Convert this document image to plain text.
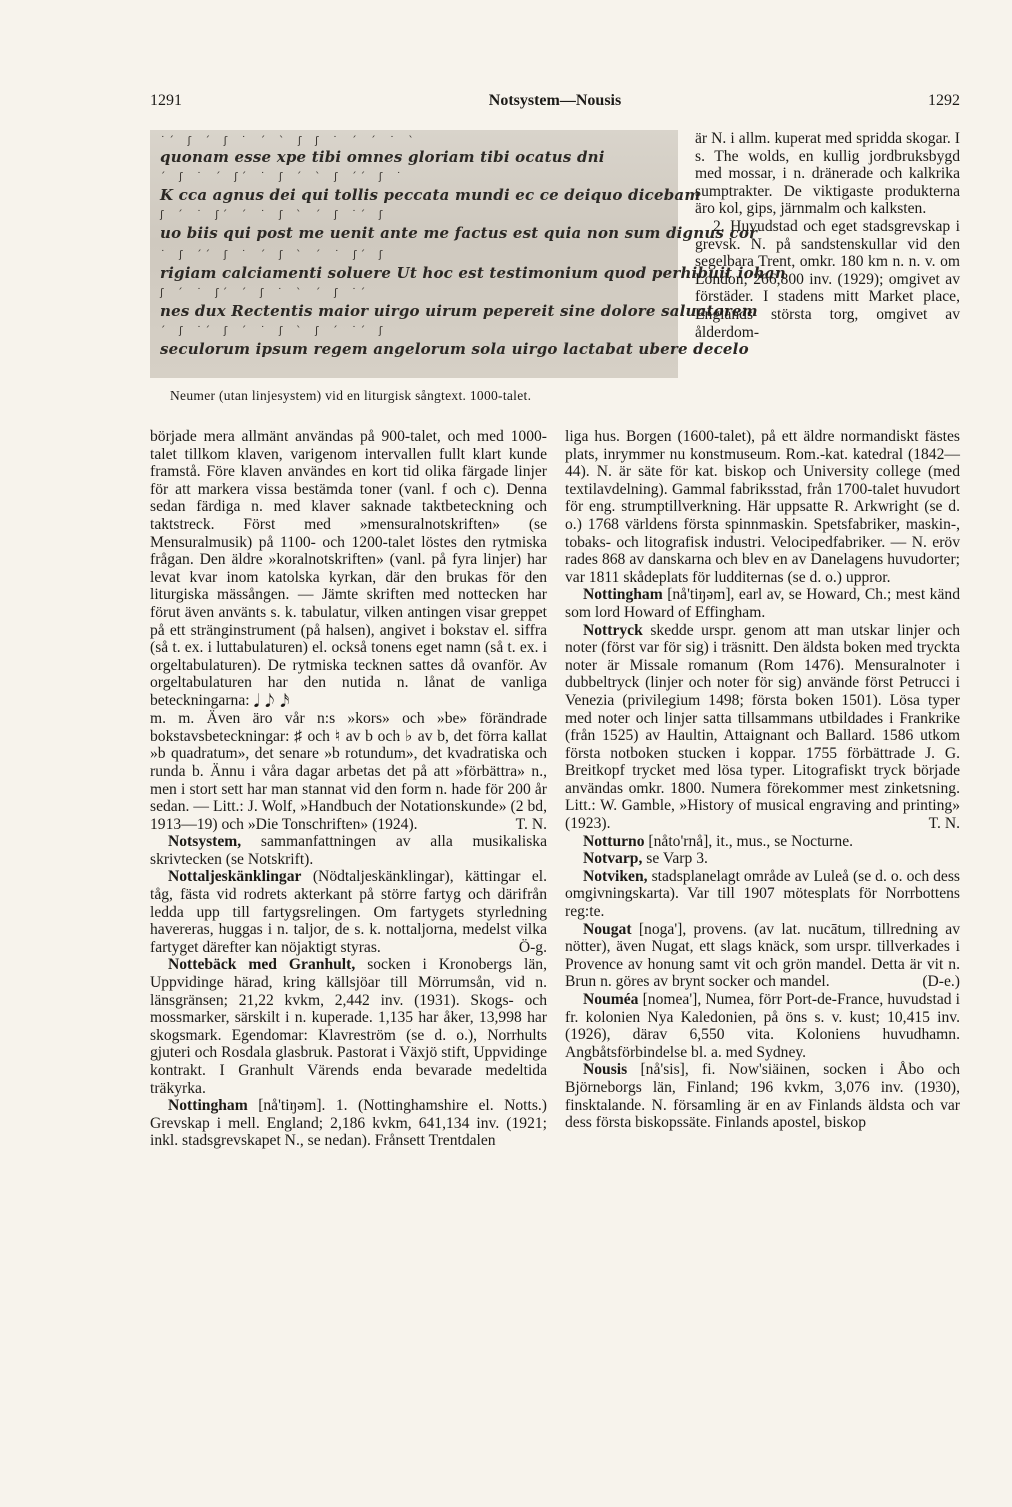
1291	Notsystem—Nousis	1292
˙ ́ ʃ ´ ʃ ˙ ´ ˋ ʃ ʃ ˙ ´ ´ ˙ ˋ
quonam esse xpe tibi omnes gloriam tibi ocatus dni
´ ʃ ˙ ´ ʃ ́ ˙ ʃ ´ ˋ ʃ ´ ́ ʃ ˙
K cca agnus dei qui tollis peccata mundi ec ce deiquo dicebam
ʃ ´ ˙ ʃ ́ ´ ˙ ʃ ˋ ´ ʃ ˙ ́ ʃ
uo biis qui post me uenit ante me factus est quia non sum dignus cor
˙ ʃ ´ ́ ʃ ˙ ´ ʃ ˋ ´ ˙ ʃ ́ ʃ
rigiam calciamenti soluere Ut hoc est testimonium quod perhibuit iohan
ʃ ´ ˙ ʃ ́ ´ ʃ ˙ ˋ ´ ʃ ˙ ́
nes dux Rectentis maior uirgo uirum pepereit sine dolore saluatorem
´ ʃ ˙ ́ ʃ ´ ˙ ʃ ˋ ʃ ´ ˙ ́ ʃ
seculorum ipsum regem angelorum sola uirgo lactabat ubere decelo
Neumer (utan linjesystem) vid en liturgisk sångtext. 1000-talet.

är N. i allm. kuperat med spridda skogar. I s. The wolds, en kullig jordbruksbygd med mossar, i n. dränerade och kalkrika sumptrakter. De viktigaste produkterna äro kol, gips, järnmalm och kalksten.

2. Huvudstad och eget stadsgrevskap i grevsk. N. på sandstenskullar vid den segelbara Trent, omkr. 180 km n. n. v. om London; 266,800 inv. (1929); omgivet av förstäder. I stadens mitt Market place, Englands största torg, omgivet av ålderdom-

började mera allmänt användas på 900-talet, och med 1000-talet tillkom klaven, varigenom intervallen fullt klart kunde framstå. Före klaven användes en kort tid olika färgade linjer för att markera vissa bestämda toner (vanl. f och c). Denna sedan färdiga n. med klaver saknade taktbeteckning och taktstreck. Först med »mensuralnotskriften» (se Mensuralmusik) på 1100- och 1200-talet löstes den rytmiska frågan. Den äldre »koralnotskriften» (vanl. på fyra linjer) har levat kvar inom katolska kyrkan, där den brukas för den liturgiska mässången. — Jämte skriften med nottecken har förut även använts s. k. tabulatur, vilken antingen visar greppet på ett stränginstrument (på halsen), angivet i bokstav el. siffra (så t. ex. i luttabulaturen) el. också tonens eget namn (så t. ex. i orgeltabulaturen). De rytmiska tecknen sattes då ovanför. Av orgeltabulaturen har den nutida n. lånat de vanliga beteckningarna: 𝅘𝅥 𝅘𝅥𝅮 𝅘𝅥𝅯

m. m. Även äro vår n:s »kors» och »be» förändrade bokstavsbeteckningar: ♯ och ♮ av b och ♭ av b, det förra kallat »b quadratum», det senare »b rotundum», det kvadratiska och runda b. Ännu i våra dagar arbetas det på att »förbättra» n., men i stort sett har man stannat vid den form n. hade för 200 år sedan. — Litt.: J. Wolf, »Handbuch der Notationskunde» (2 bd, 1913—19) och »Die Tonschriften» (1924).	T. N.

Notsystem, sammanfattningen av alla musikaliska skrivtecken (se Notskrift).

Nottaljeskänklingar (Nödtaljeskänklingar), kättingar el. tåg, fästa vid rodrets akterkant på större fartyg och därifrån ledda upp till fartygsrelingen. Om fartygets styrledning havereras, huggas i n. taljor, de s. k. nottaljorna, medelst vilka fartyget därefter kan nöjaktigt styras.	Ö-g.

Nottebäck med Granhult, socken i Kronobergs län, Uppvidinge härad, kring källsjöar till Mörrumsån, vid n. länsgränsen; 21,22 kvkm, 2,442 inv. (1931). Skogs- och mossmarker, särskilt i n. kuperade. 1,135 har åker, 13,998 har skogsmark. Egendomar: Klavreström (se d. o.), Norrhults gjuteri och Rosdala glasbruk. Pastorat i Växjö stift, Uppvidinge kontrakt. I Granhult Värends enda bevarade medeltida träkyrka.

Nottingham [nå'tiŋəm]. 1. (Nottinghamshire el. Notts.) Grevskap i mell. England; 2,186 kvkm, 641,134 inv. (1921; inkl. stadsgrevskapet N., se nedan). Frånsett Trentdalen

liga hus. Borgen (1600-talet), på ett äldre normandiskt fästes plats, inrymmer nu konstmuseum. Rom.-kat. katedral (1842—44). N. är säte för kat. biskop och University college (med textilavdelning). Gammal fabriksstad, från 1700-talet huvudort för eng. strumptillverkning. Här uppsatte R. Arkwright (se d. o.) 1768 världens första spinnmaskin. Spetsfabriker, maskin-, tobaks- och litografisk industri. Velocipedfabriker. — N. eröv rades 868 av danskarna och blev en av Danelagens huvudorter; var 1811 skådeplats för ludditernas (se d. o.) uppror.

Nottingham [nå'tiŋəm], earl av, se Howard, Ch.; mest känd som lord Howard of Effingham.

Nottryck skedde urspr. genom att man utskar linjer och noter (först var för sig) i träsnitt. Den äldsta boken med tryckta noter är Missale romanum (Rom 1476). Mensuralnoter i dubbeltryck (linjer och noter för sig) använde först Petrucci i Venezia (privilegium 1498; första boken 1501). Lösa typer med noter och linjer satta tillsammans utbildades i Frankrike (från 1525) av Haultin, Attaignant och Ballard. 1586 utkom första notboken stucken i koppar. 1755 förbättrade J. G. Breitkopf trycket med lösa typer. Litografiskt tryck började användas omkr. 1800. Numera förekommer mest zinketsning. Litt.: W. Gamble, »History of musical engraving and printing» (1923).	T. N.

Notturno [nåto'rnå], it., mus., se Nocturne.

Notvarp, se Varp 3.

Notviken, stadsplanelagt område av Luleå (se d. o. och dess omgivningskarta). Var till 1907 mötesplats för Norrbottens reg:te.

Nougat [noga'], provens. (av lat. nucātum, tillredning av nötter), även Nugat, ett slags knäck, som urspr. tillverkades i Provence av honung samt vit och grön mandel. Detta är vit n. Brun n. göres av brynt socker och mandel.	(D-e.)

Nouméa [nomea'], Numea, förr Port-de-France, huvudstad i fr. kolonien Nya Kaledonien, på öns s. v. kust; 10,415 inv. (1926), därav 6,550 vita. Koloniens huvudhamn. Angbåtsförbindelse bl. a. med Sydney.

Nousis [nå'sis], fi. Now'siäinen, socken i Åbo och Björneborgs län, Finland; 196 kvkm, 3,076 inv. (1930), finsktalande. N. församling är en av Finlands äldsta och var dess första biskopssäte. Finlands apostel, biskop
